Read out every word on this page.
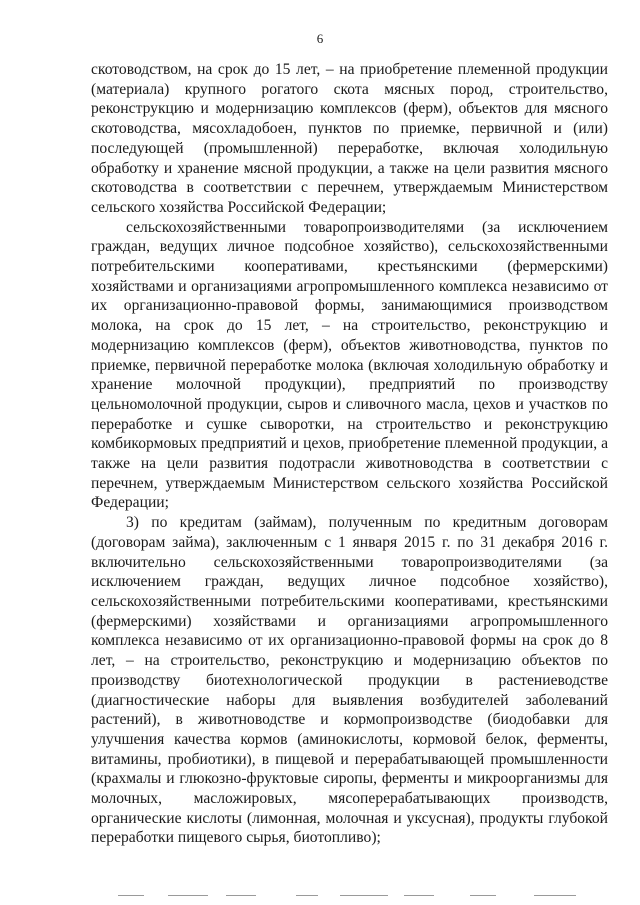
6

скотоводством, на срок до 15 лет, – на приобретение племенной продукции

(материала) крупного рогатого скота мясных пород, строительство,

реконструкцию и модернизацию комплексов (ферм), объектов для мясного

скотоводства, мясохладобоен, пунктов по приемке, первичной и (или)

последующей (промышленной) переработке, включая холодильную

обработку и хранение мясной продукции, а также на цели развития мясного

скотоводства в соответствии с перечнем, утверждаемым Министерством

сельского хозяйства Российской Федерации;

сельскохозяйственными товаропроизводителями (за исключением

граждан, ведущих личное подсобное хозяйство), сельскохозяйственными

потребительскими кооперативами, крестьянскими (фермерскими)

хозяйствами и организациями агропромышленного комплекса независимо от

их организационно-правовой формы, занимающимися производством

молока, на срок до 15 лет, – на строительство, реконструкцию и

модернизацию комплексов (ферм), объектов животноводства, пунктов по

приемке, первичной переработке молока (включая холодильную обработку и

хранение молочной продукции), предприятий по производству

цельномолочной продукции, сыров и сливочного масла, цехов и участков по

переработке и сушке сыворотки, на строительство и реконструкцию

комбикормовых предприятий и цехов, приобретение племенной продукции, а

также на цели развития подотрасли животноводства в соответствии с

перечнем, утверждаемым Министерством сельского хозяйства Российской

Федерации;

3) по кредитам (займам), полученным по кредитным договорам

(договорам займа), заключенным с 1 января 2015 г. по 31 декабря 2016 г.

включительно сельскохозяйственными товаропроизводителями (за

исключением граждан, ведущих личное подсобное хозяйство),

сельскохозяйственными потребительскими кооперативами, крестьянскими

(фермерскими) хозяйствами и организациями агропромышленного

комплекса независимо от их организационно-правовой формы на срок до 8

лет, – на строительство, реконструкцию и модернизацию объектов по

производству биотехнологической продукции в растениеводстве

(диагностические наборы для выявления возбудителей заболеваний

растений), в животноводстве и кормопроизводстве (биодобавки для

улучшения качества кормов (аминокислоты, кормовой белок, ферменты,

витамины, пробиотики), в пищевой и перерабатывающей промышленности

(крахмалы и глюкозно-фруктовые сиропы, ферменты и микроорганизмы для

молочных, масложировых, мясоперерабатывающих производств,

органические кислоты (лимонная, молочная и уксусная), продукты глубокой

переработки пищевого сырья, биотопливо);
